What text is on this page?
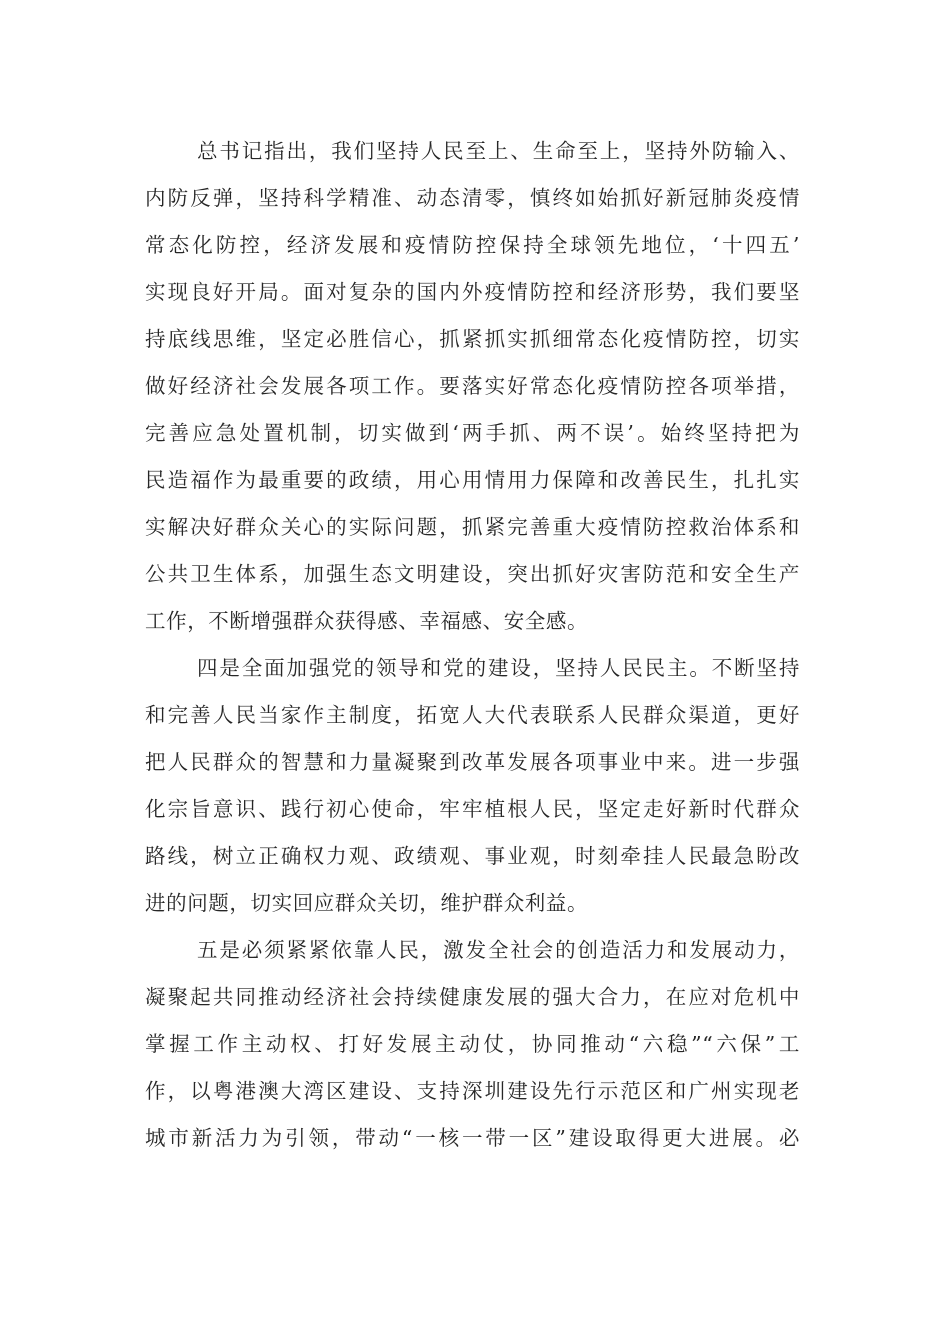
总书记指出，我们坚持人民至上、生命至上，坚持外防输入、
内防反弹，坚持科学精准、动态清零，慎终如始抓好新冠肺炎疫情
常态化防控，经济发展和疫情防控保持全球领先地位，‘十四五’
实现良好开局。面对复杂的国内外疫情防控和经济形势，我们要坚
持底线思维，坚定必胜信心，抓紧抓实抓细常态化疫情防控，切实
做好经济社会发展各项工作。要落实好常态化疫情防控各项举措，
完善应急处置机制，切实做到‘两手抓、两不误’。始终坚持把为
民造福作为最重要的政绩，用心用情用力保障和改善民生，扎扎实
实解决好群众关心的实际问题，抓紧完善重大疫情防控救治体系和
公共卫生体系，加强生态文明建设，突出抓好灾害防范和安全生产
工作，不断增强群众获得感、幸福感、安全感。
四是全面加强党的领导和党的建设，坚持人民民主。不断坚持
和完善人民当家作主制度，拓宽人大代表联系人民群众渠道，更好
把人民群众的智慧和力量凝聚到改革发展各项事业中来。进一步强
化宗旨意识、践行初心使命，牢牢植根人民，坚定走好新时代群众
路线，树立正确权力观、政绩观、事业观，时刻牵挂人民最急盼改
进的问题，切实回应群众关切，维护群众利益。
五是必须紧紧依靠人民，激发全社会的创造活力和发展动力，
凝聚起共同推动经济社会持续健康发展的强大合力，在应对危机中
掌握工作主动权、打好发展主动仗，协同推动“六稳”“六保”工
作，以粤港澳大湾区建设、支持深圳建设先行示范区和广州实现老
城市新活力为引领，带动“一核一带一区”建设取得更大进展。必
